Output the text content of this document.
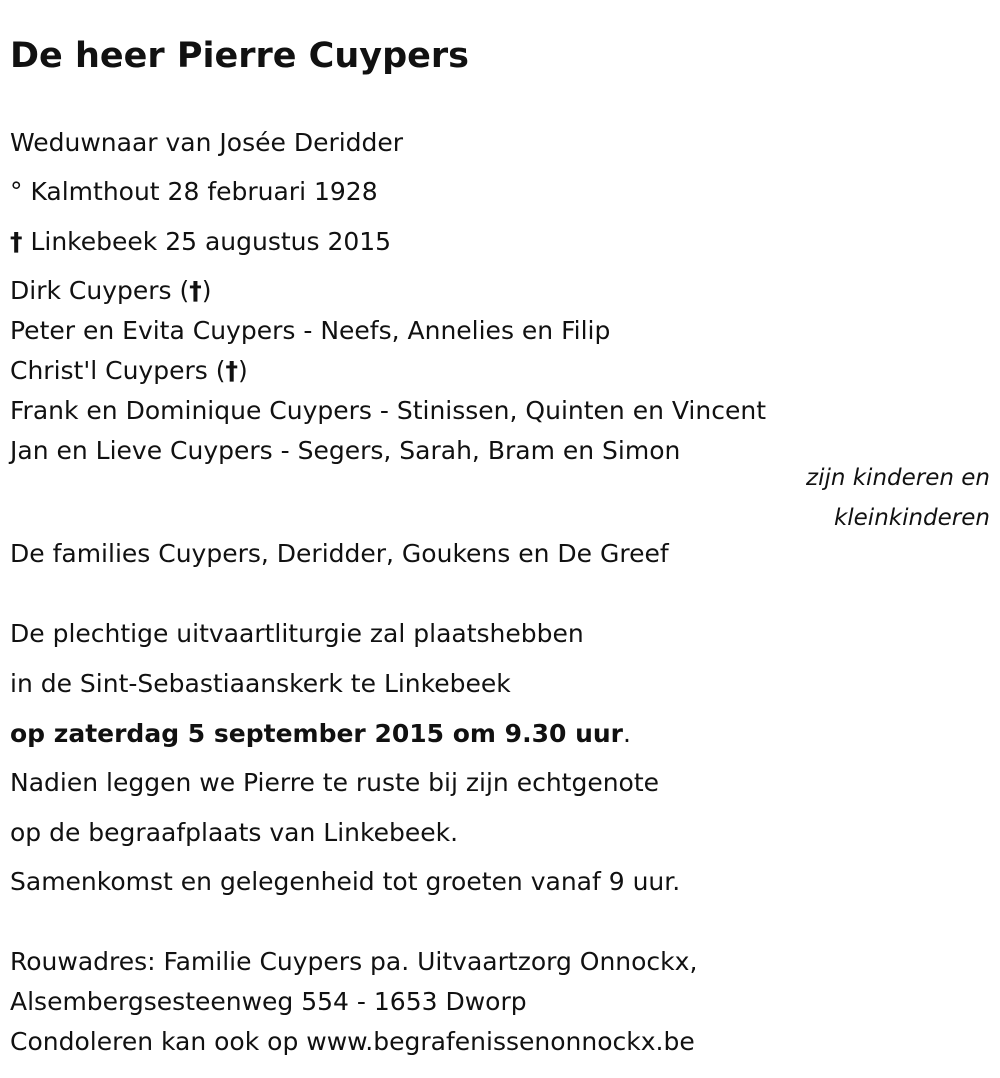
De heer Pierre Cuypers

Weduwnaar van Josée Deridder

° Kalmthout 28 februari 1928

† Linkebeek 25 augustus 2015

Dirk Cuypers (†)

Peter en Evita Cuypers - Neefs, Annelies en Filip

Christ'l Cuypers (†)

Frank en Dominique Cuypers - Stinissen, Quinten en Vincent

Jan en Lieve Cuypers - Segers, Sarah, Bram en Simon

zijn kinderen en
kleinkinderen

De families Cuypers, Deridder, Goukens en De Greef

De plechtige uitvaartliturgie zal plaatshebben

in de Sint-Sebastiaanskerk te Linkebeek

op zaterdag 5 september 2015 om 9.30 uur.

Nadien leggen we Pierre te ruste bij zijn echtgenote

op de begraafplaats van Linkebeek.

Samenkomst en gelegenheid tot groeten vanaf 9 uur.

Rouwadres: Familie Cuypers pa. Uitvaartzorg Onnockx,

Alsembergsesteenweg 554 - 1653 Dworp

Condoleren kan ook op www.begrafenissenonnockx.be
